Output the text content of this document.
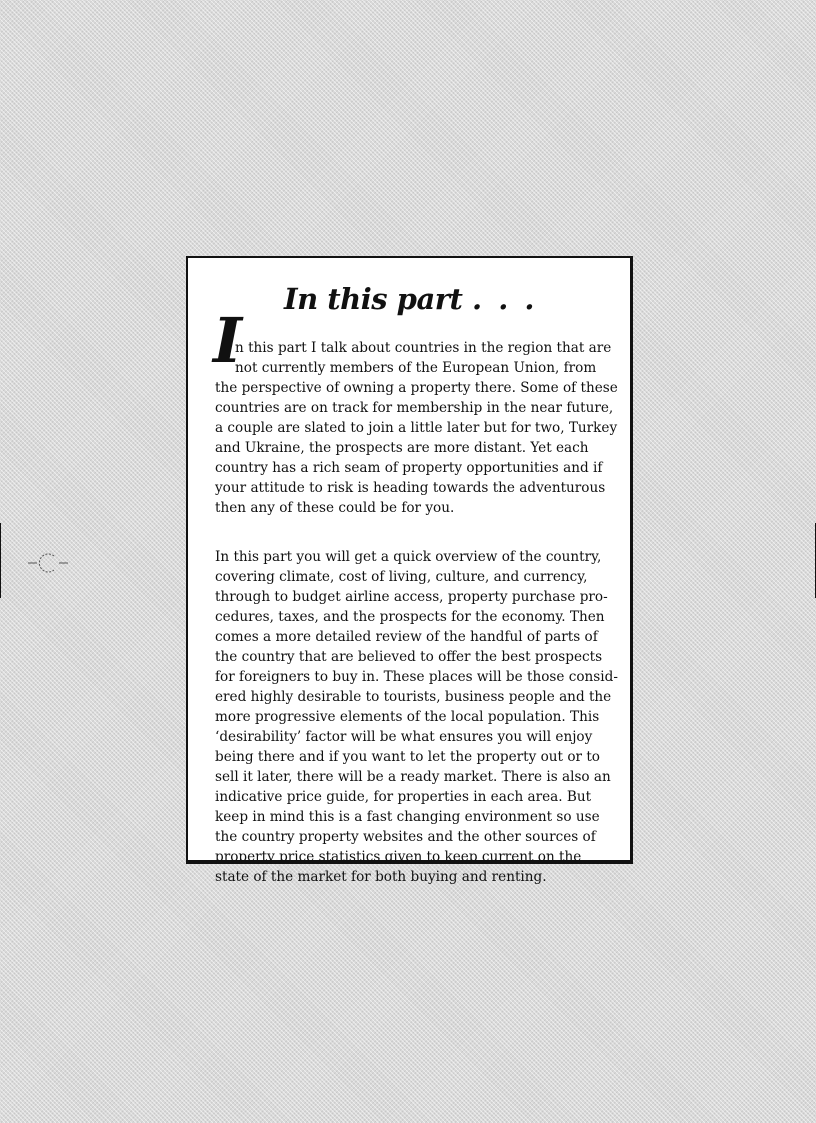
In this part . . .
I

n this part I talk about countries in the region that are
not currently members of the European Union, from
the perspective of owning a property there. Some of these
countries are on track for membership in the near future,
a couple are slated to join a little later but for two, Turkey
and Ukraine, the prospects are more distant. Yet each
country has a rich seam of property opportunities and if
your attitude to risk is heading towards the adventurous
then any of these could be for you.

In this part you will get a quick overview of the country,
covering climate, cost of living, culture, and currency,
through to budget airline access, property purchase pro-
cedures, taxes, and the prospects for the economy. Then
comes a more detailed review of the handful of parts of
the country that are believed to offer the best prospects
for foreigners to buy in. These places will be those consid-
ered highly desirable to tourists, business people and the
more progressive elements of the local population. This
‘desirability’ factor will be what ensures you will enjoy
being there and if you want to let the property out or to
sell it later, there will be a ready market. There is also an
indicative price guide, for properties in each area. But
keep in mind this is a fast changing environment so use
the country property websites and the other sources of
property price statistics given to keep current on the
state of the market for both buying and renting.
